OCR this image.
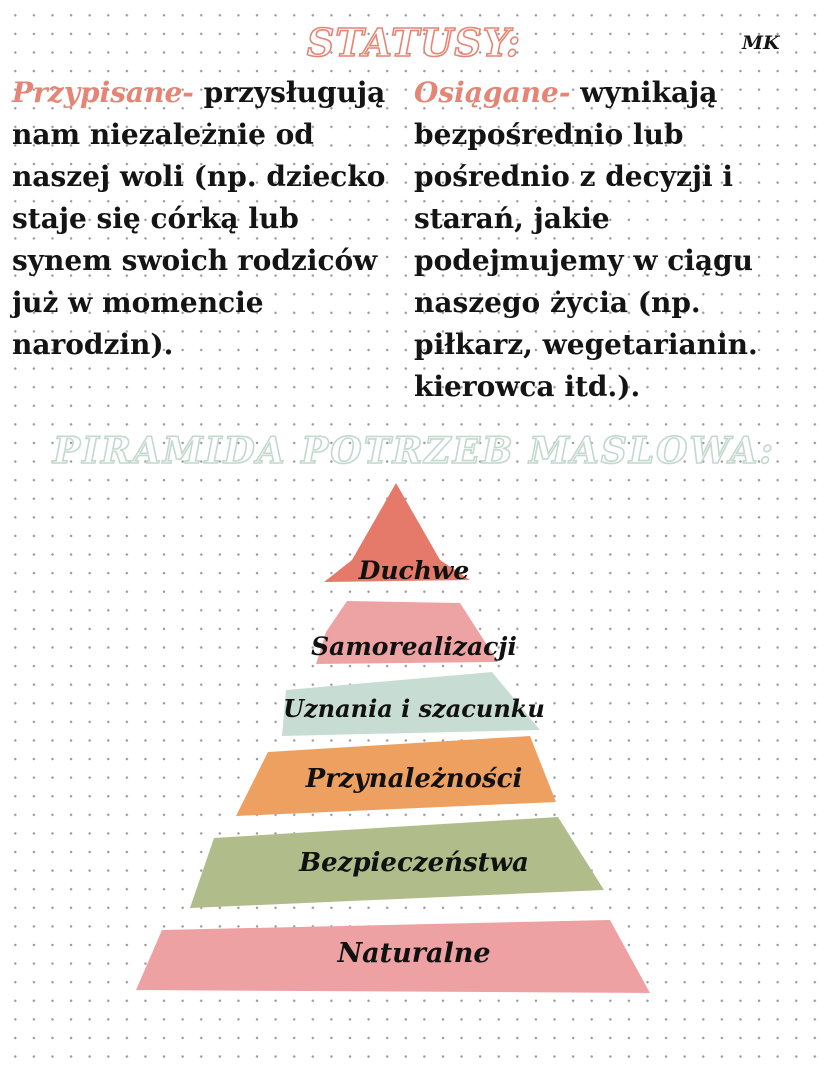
STATUSY:	MK
Przypisane- przysługują nam niezależnie od naszej woli (np. dziecko staje się córką lub synem swoich rodziców już w momencie narodzin).
Osiągane- wynikają bezpośrednio lub pośrednio z decyzji i starań, jakie podejmujemy w ciągu naszego życia (np. piłkarz, wegetarianin. kierowca itd.).
PIRAMIDA POTRZEB MASLOWA:
Duchwe
Samorealizacji
Uznania i szacunku
Przynależności
Bezpieczeństwa
Naturalne
